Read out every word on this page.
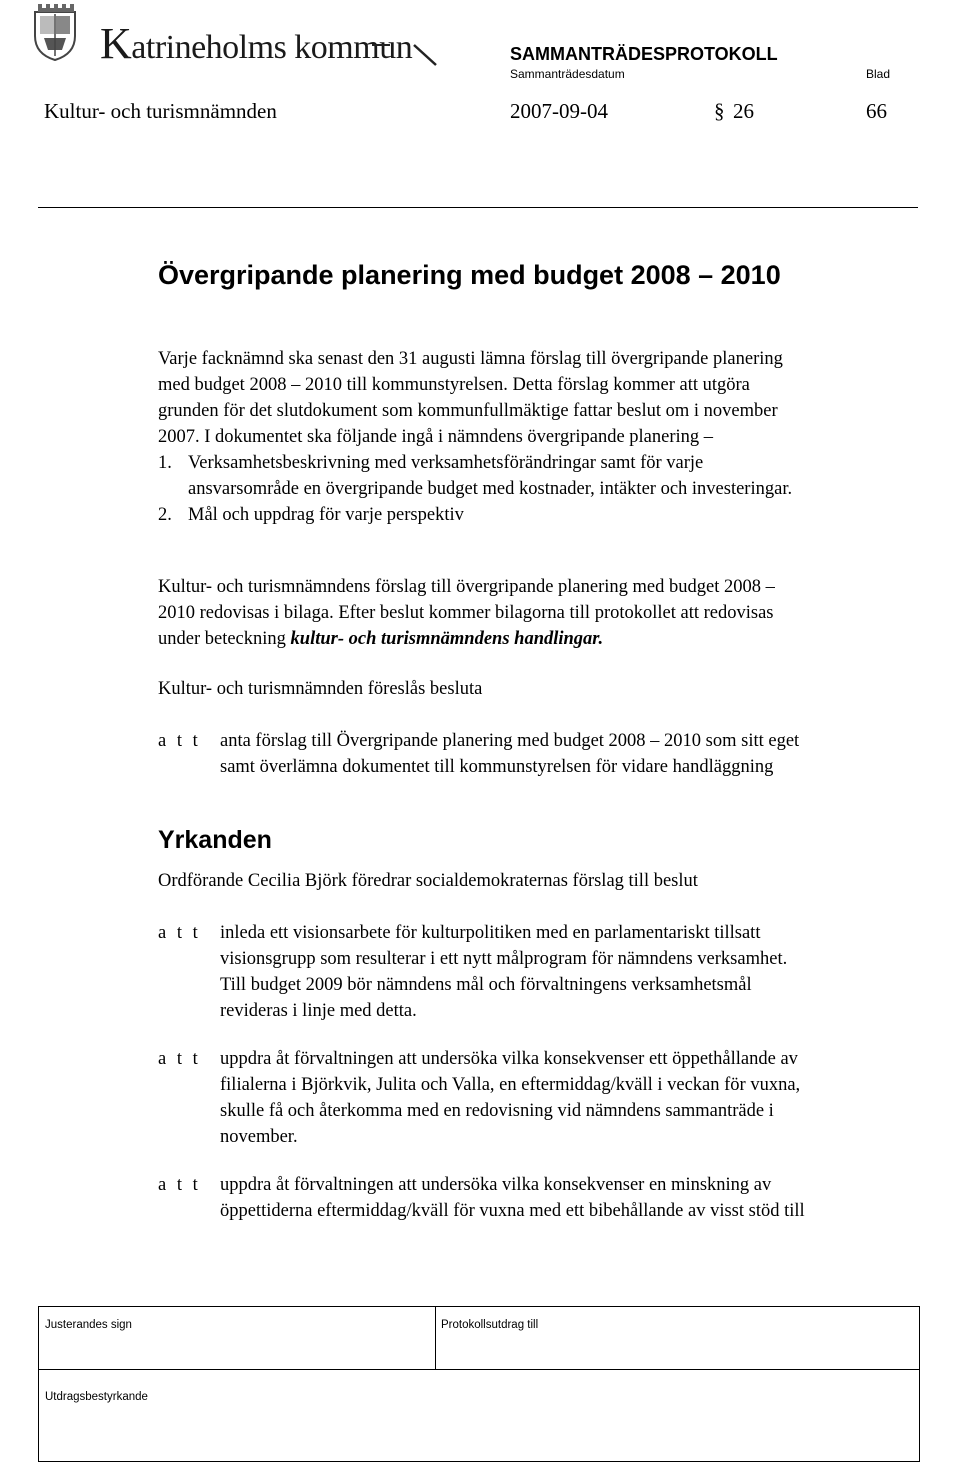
Katrineholms kommun	SAMMANTRÄDESPROTOKOLL
Sammanträdesdatum	Blad
Kultur- och turismnämnden	2007-09-04	§ 26	66
Övergripande planering med budget 2008 – 2010
Varje facknämnd ska senast den 31 augusti lämna förslag till övergripande planering
med budget 2008 – 2010 till kommunstyrelsen. Detta förslag kommer att utgöra
grunden för det slutdokument som kommunfullmäktige fattar beslut om i november
2007. I dokumentet ska följande ingå i nämndens övergripande planering –
1. Verksamhetsbeskrivning med verksamhetsförändringar samt för varje
ansvarsområde en övergripande budget med kostnader, intäkter och investeringar.
2. Mål och uppdrag för varje perspektiv
Kultur- och turismnämndens förslag till övergripande planering med budget 2008 –
2010 redovisas i bilaga. Efter beslut kommer bilagorna till protokollet att redovisas
under beteckning kultur- och turismnämndens handlingar.
Kultur- och turismnämnden föreslås besluta
a t t anta förslag till Övergripande planering med budget 2008 – 2010 som sitt eget
samt överlämna dokumentet till kommunstyrelsen för vidare handläggning
Yrkanden
Ordförande Cecilia Björk föredrar socialdemokraternas förslag till beslut
a t t inleda ett visionsarbete för kulturpolitiken med en parlamentariskt tillsatt
visionsgrupp som resulterar i ett nytt målprogram för nämndens verksamhet.
Till budget 2009 bör nämndens mål och förvaltningens verksamhetsmål
revideras i linje med detta.
a t t uppdra åt förvaltningen att undersöka vilka konsekvenser ett öppethållande av
filialerna i Björkvik, Julita och Valla, en eftermiddag/kväll i veckan för vuxna,
skulle få och återkomma med en redovisning vid nämndens sammanträde i
november.
a t t uppdra åt förvaltningen att undersöka vilka konsekvenser en minskning av
öppettiderna eftermiddag/kväll för vuxna med ett bibehållande av visst stöd till
Justerandes sign	Protokollsutdrag till
Utdragsbestyrkande
